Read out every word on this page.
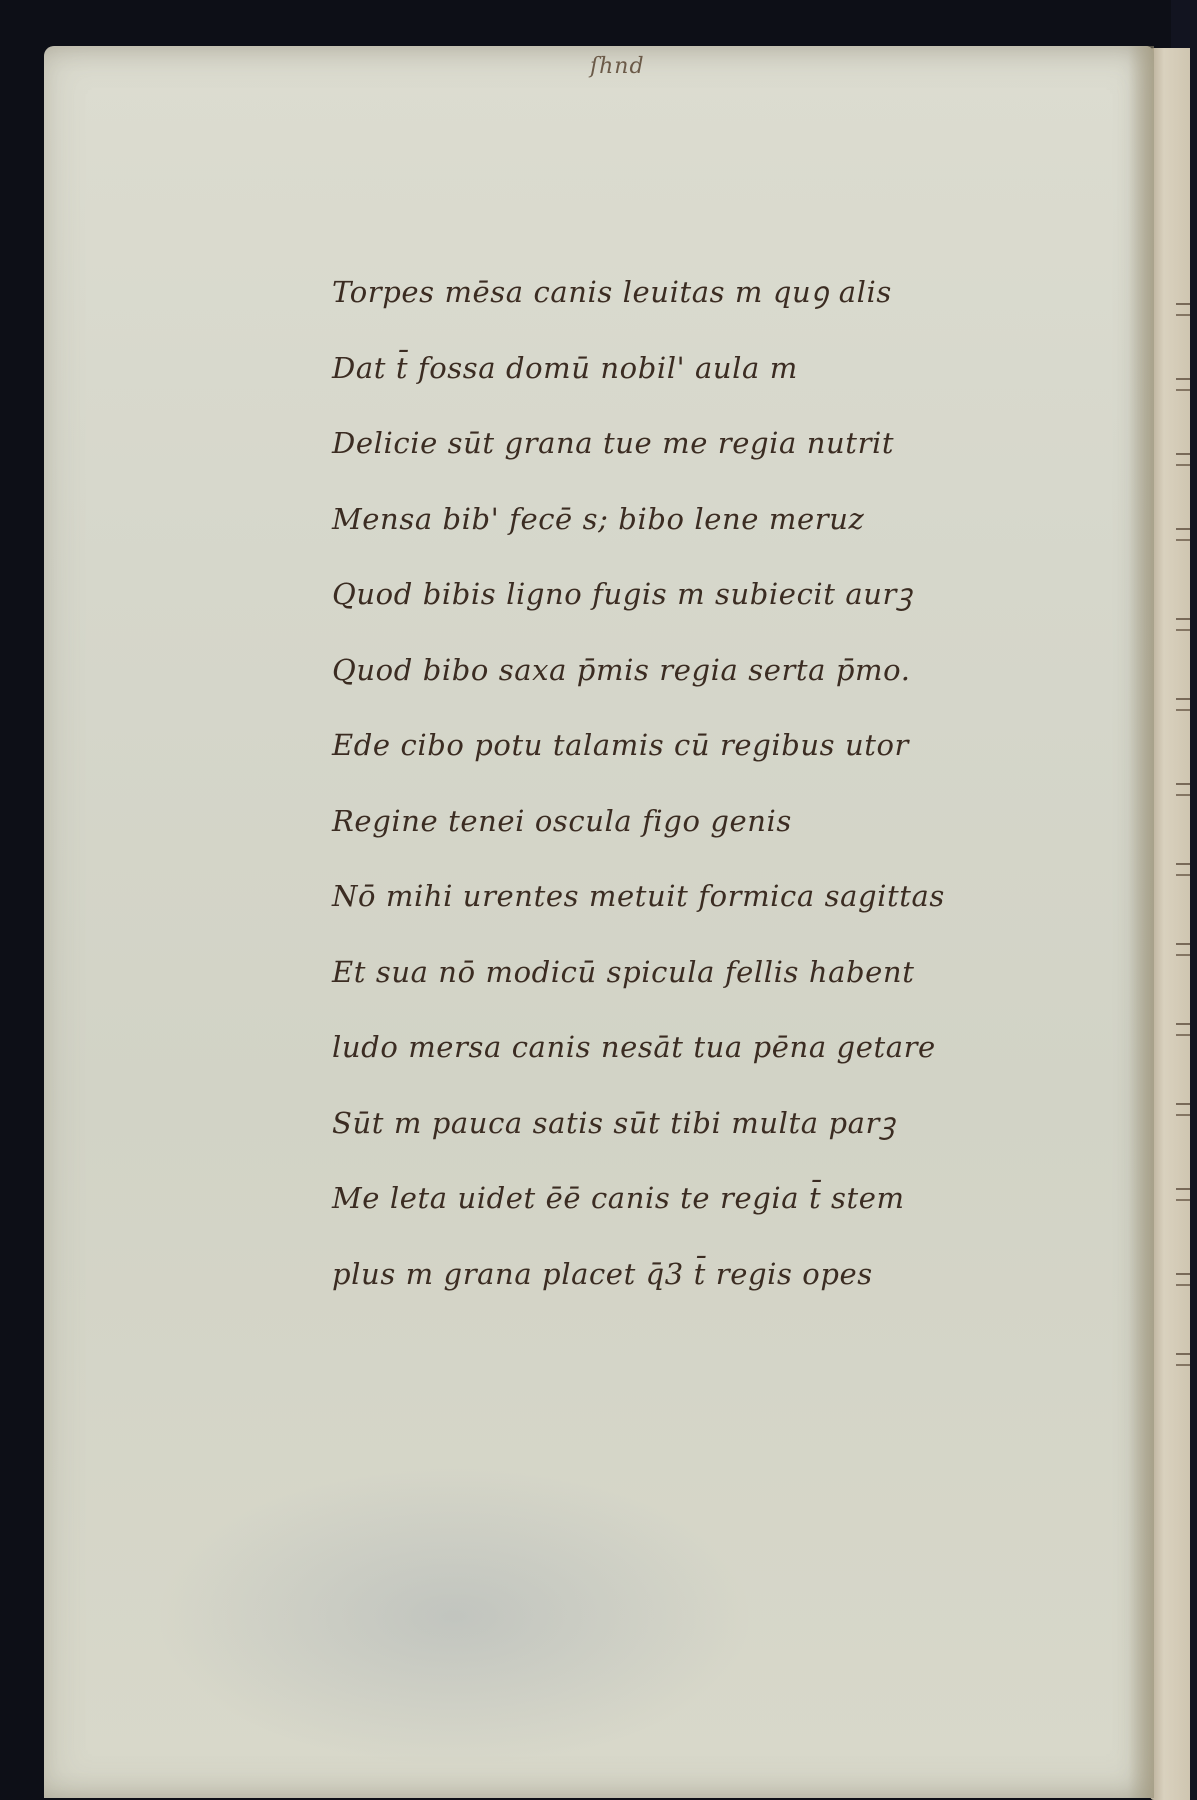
ſhnd
Torpes mēsa canis leuitas m quꝯ alis
Dat t̄ fossa domū nobil' aula m
Delicie sūt grana tue me regia nutrit
Mensa bib' fecē s; bibo lene meruz
Quod bibis ligno fugis m subiecit aurꝫ
Quod bibo saxa p̄mis regia serta p̄mo.
Ede cibo potu talamis cū regibus utor
Regine tenei oscula figo genis
Nō mihi urentes metuit formica sagittas
Et sua nō modicū spicula fellis habent
ludo mersa canis nesāt tua pēna getare
Sūt m pauca satis sūt tibi multa parꝫ
Me leta uidet ēē canis te regia t̄ stem
plus m grana placet q̄3 t̄ regis opes
